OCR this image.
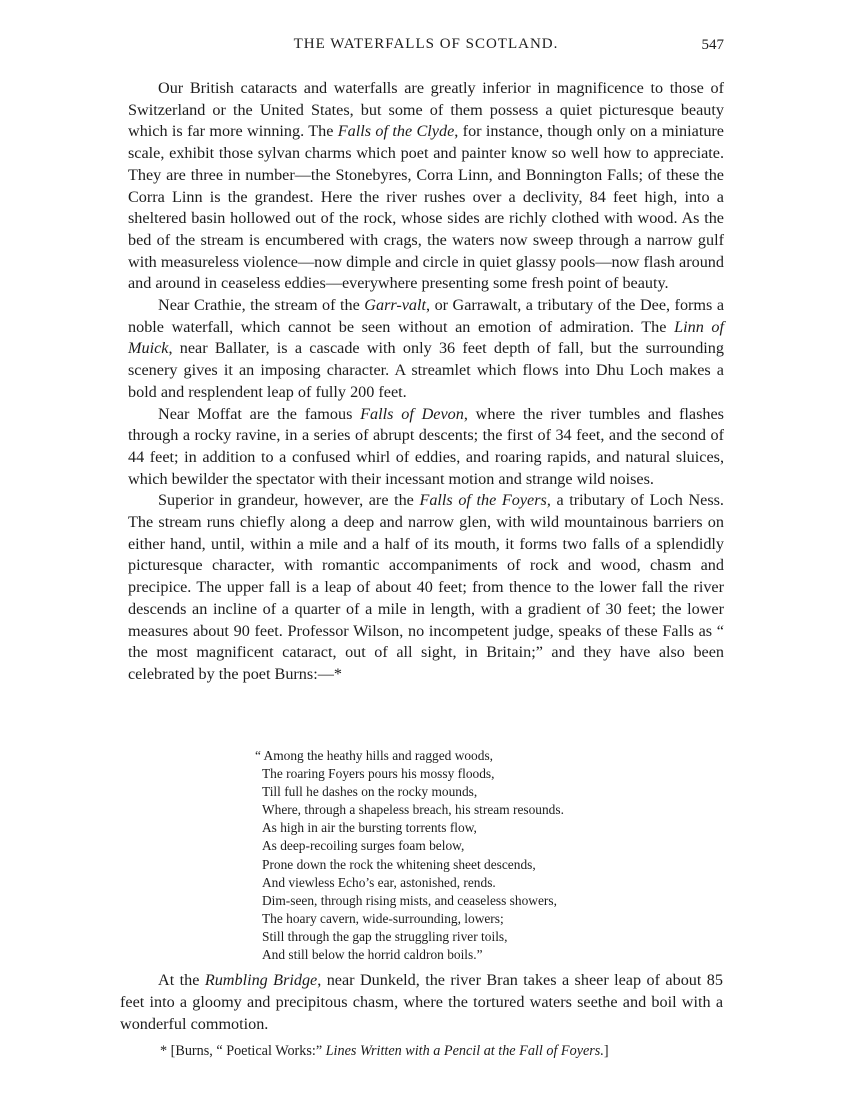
THE WATERFALLS OF SCOTLAND.	547

Our British cataracts and waterfalls are greatly inferior in magnificence to those of Switzerland or the United States, but some of them possess a quiet picturesque beauty which is far more winning. The Falls of the Clyde, for instance, though only on a miniature scale, exhibit those sylvan charms which poet and painter know so well how to appreciate. They are three in number—the Stonebyres, Corra Linn, and Bonnington Falls; of these the Corra Linn is the grandest. Here the river rushes over a declivity, 84 feet high, into a sheltered basin hollowed out of the rock, whose sides are richly clothed with wood. As the bed of the stream is encumbered with crags, the waters now sweep through a narrow gulf with measureless violence—now dimple and circle in quiet glassy pools—now flash around and around in ceaseless eddies—everywhere presenting some fresh point of beauty.

Near Crathie, the stream of the Garr-valt, or Garrawalt, a tributary of the Dee, forms a noble waterfall, which cannot be seen without an emotion of admiration. The Linn of Muick, near Ballater, is a cascade with only 36 feet depth of fall, but the surrounding scenery gives it an imposing character. A streamlet which flows into Dhu Loch makes a bold and resplendent leap of fully 200 feet.

Near Moffat are the famous Falls of Devon, where the river tumbles and flashes through a rocky ravine, in a series of abrupt descents; the first of 34 feet, and the second of 44 feet; in addition to a confused whirl of eddies, and roaring rapids, and natural sluices, which bewilder the spectator with their incessant motion and strange wild noises.

Superior in grandeur, however, are the Falls of the Foyers, a tributary of Loch Ness. The stream runs chiefly along a deep and narrow glen, with wild mountainous barriers on either hand, until, within a mile and a half of its mouth, it forms two falls of a splendidly picturesque character, with romantic accompaniments of rock and wood, chasm and precipice. The upper fall is a leap of about 40 feet; from thence to the lower fall the river descends an incline of a quarter of a mile in length, with a gradient of 30 feet; the lower measures about 90 feet. Professor Wilson, no incompetent judge, speaks of these Falls as “ the most magnificent cataract, out of all sight, in Britain;” and they have also been celebrated by the poet Burns:—*

“ Among the heathy hills and ragged woods,
The roaring Foyers pours his mossy floods,
Till full he dashes on the rocky mounds,
Where, through a shapeless breach, his stream resounds.
As high in air the bursting torrents flow,
As deep-recoiling surges foam below,
Prone down the rock the whitening sheet descends,
And viewless Echo’s ear, astonished, rends.
Dim-seen, through rising mists, and ceaseless showers,
The hoary cavern, wide-surrounding, lowers;
Still through the gap the struggling river toils,
And still below the horrid caldron boils.”

At the Rumbling Bridge, near Dunkeld, the river Bran takes a sheer leap of about 85 feet into a gloomy and precipitous chasm, where the tortured waters seethe and boil with a wonderful commotion.

* [Burns, “ Poetical Works:” Lines Written with a Pencil at the Fall of Foyers.]
